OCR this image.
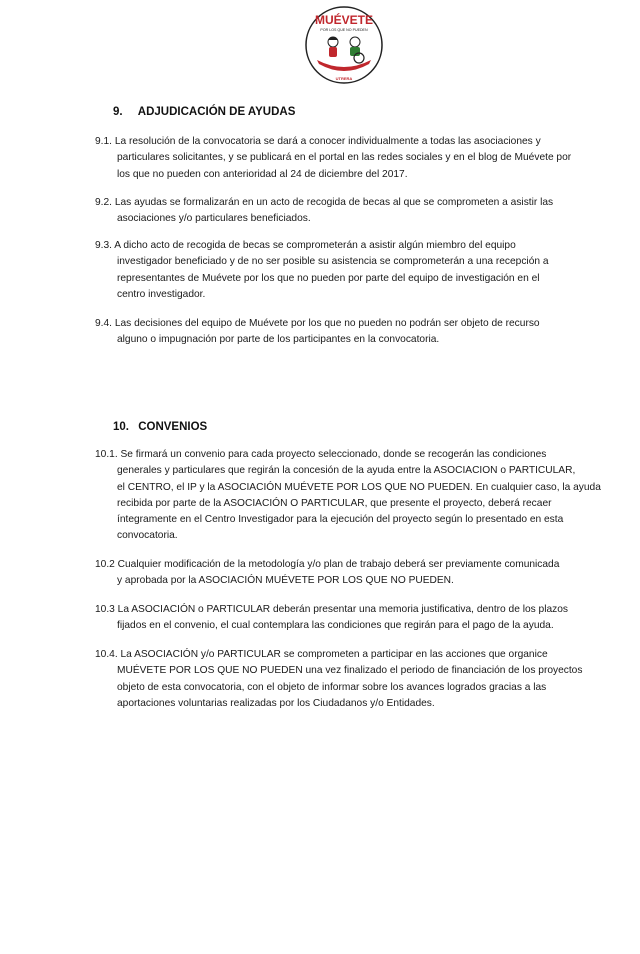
MUÉVETE
POR LOS QUE NO PUEDEN
UTRERA
9. ADJUDICACIÓN DE AYUDAS
9.1. La resolución de la convocatoria se dará a conocer individualmente a todas las asociaciones y
particulares solicitantes, y se publicará en el portal en las redes sociales y en el blog de Muévete por
los que no pueden con anterioridad al 24 de diciembre del 2017.
9.2. Las ayudas se formalizarán en un acto de recogida de becas al que se comprometen a asistir las
asociaciones y/o particulares beneficiados.
9.3. A dicho acto de recogida de becas se comprometerán a asistir algún miembro del equipo
investigador beneficiado y de no ser posible su asistencia se comprometerán a una recepción a
representantes de Muévete por los que no pueden por parte del equipo de investigación en el
centro investigador.
9.4. Las decisiones del equipo de Muévete por los que no pueden no podrán ser objeto de recurso
alguno o impugnación por parte de los participantes en la convocatoria.
10. CONVENIOS
10.1. Se firmará un convenio para cada proyecto seleccionado, donde se recogerán las condiciones
generales y particulares que regirán la concesión de la ayuda entre la ASOCIACION o PARTICULAR,
el CENTRO, el IP y la ASOCIACIÓN MUÉVETE POR LOS QUE NO PUEDEN. En cualquier caso, la ayuda
recibida por parte de la ASOCIACIÓN O PARTICULAR, que presente el proyecto, deberá recaer
íntegramente en el Centro Investigador para la ejecución del proyecto según lo presentado en esta
convocatoria.
10.2 Cualquier modificación de la metodología y/o plan de trabajo deberá ser previamente comunicada
y aprobada por la ASOCIACIÓN MUÉVETE POR LOS QUE NO PUEDEN.
10.3 La ASOCIACIÓN o PARTICULAR deberán presentar una memoria justificativa, dentro de los plazos
fijados en el convenio, el cual contemplara las condiciones que regirán para el pago de la ayuda.
10.4. La ASOCIACIÓN y/o PARTICULAR se comprometen a participar en las acciones que organice
MUÉVETE POR LOS QUE NO PUEDEN una vez finalizado el periodo de financiación de los proyectos
objeto de esta convocatoria, con el objeto de informar sobre los avances logrados gracias a las
aportaciones voluntarias realizadas por los Ciudadanos y/o Entidades.
